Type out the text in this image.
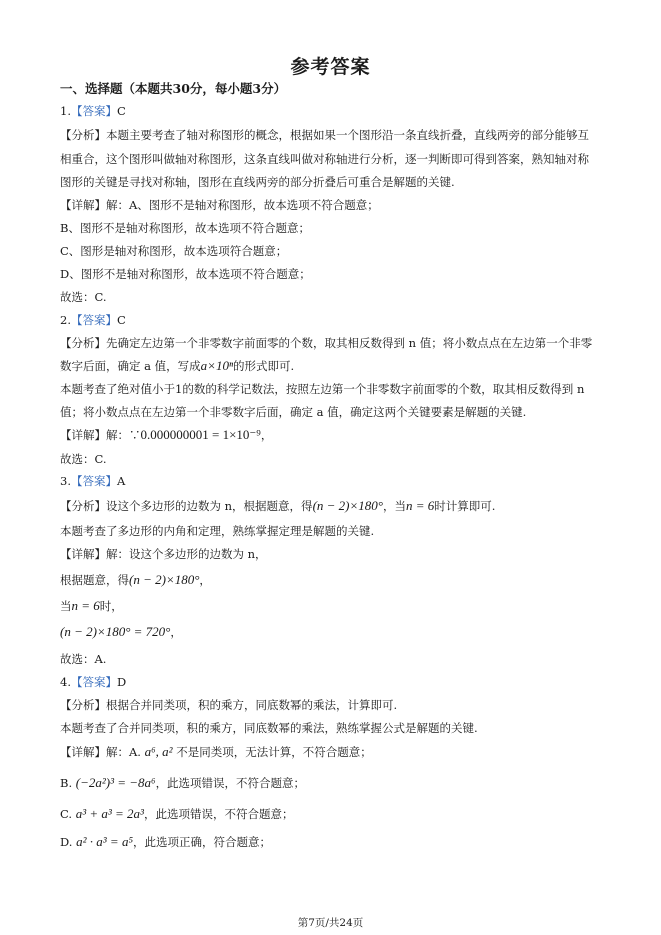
参考答案
一、选择题（本题共30分，每小题3分）
1.【答案】C
【分析】本题主要考查了轴对称图形的概念，根据如果一个图形沿一条直线折叠，直线两旁的部分能够互
相重合，这个图形叫做轴对称图形，这条直线叫做对称轴进行分析，逐一判断即可得到答案，熟知轴对称
图形的关键是寻找对称轴，图形在直线两旁的部分折叠后可重合是解题的关键.
【详解】解：A、图形不是轴对称图形，故本选项不符合题意；
B、图形不是轴对称图形，故本选项不符合题意；
C、图形是轴对称图形，故本选项符合题意；
D、图形不是轴对称图形，故本选项不符合题意；
故选：C.
2.【答案】C
【分析】先确定左边第一个非零数字前面零的个数，取其相反数得到 n 值；将小数点点在左边第一个非零
数字后面，确定 a 值，写成a×10ⁿ的形式即可.
本题考查了绝对值小于1的数的科学记数法，按照左边第一个非零数字前面零的个数，取其相反数得到 n
值；将小数点点在左边第一个非零数字后面，确定 a 值，确定这两个关键要素是解题的关键.
【详解】解：∵0.000000001 = 1×10⁻⁹，
故选：C.
3.【答案】A
【分析】设这个多边形的边数为 n，根据题意，得(n − 2)×180°，当n = 6时计算即可.
本题考查了多边形的内角和定理，熟练掌握定理是解题的关键.
【详解】解：设这个多边形的边数为 n，
根据题意，得(n − 2)×180°，
当n = 6时，
(n − 2)×180° = 720°，
故选：A.
4.【答案】D
【分析】根据合并同类项，积的乘方，同底数幂的乘法，计算即可.
本题考查了合并同类项，积的乘方，同底数幂的乘法，熟练掌握公式是解题的关键.
【详解】解：A. a⁶, a² 不是同类项，无法计算，不符合题意；
B. (−2a²)³ = −8a⁶，此选项错误，不符合题意；
C. a³ + a³ = 2a³，此选项错误，不符合题意；
D. a² · a³ = a⁵，此选项正确，符合题意；
第7页/共24页
